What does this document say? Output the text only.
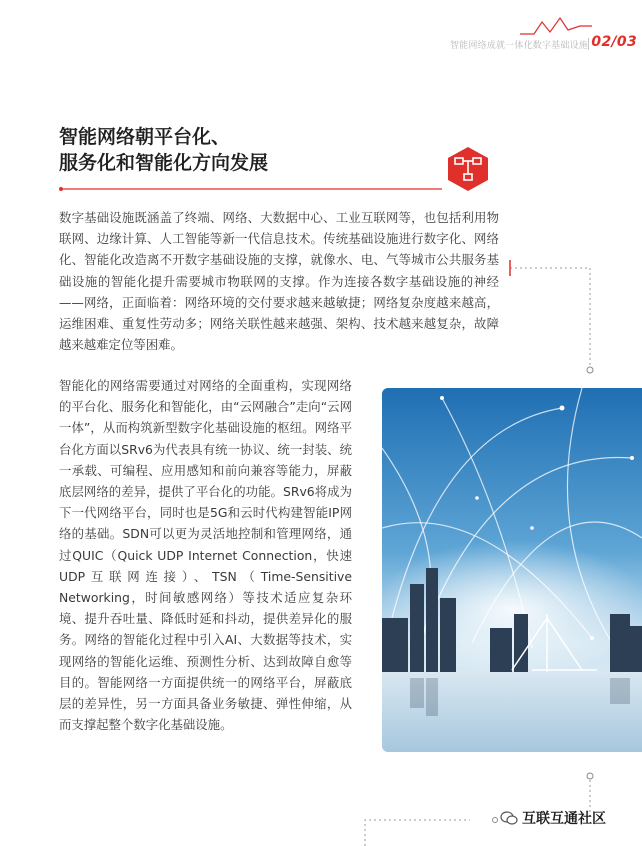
智能网络成就一体化数字基础设施 02/03
智能网络朝平台化、
服务化和智能化方向发展

数字基础设施既涵盖了终端、网络、大数据中心、工业互联网等，也包括利用物联网、边缘计算、人工智能等新一代信息技术。传统基础设施进行数字化、网络化、智能化改造离不开数字基础设施的支撑，就像水、电、气等城市公共服务基础设施的智能化提升需要城市物联网的支撑。作为连接各数字基础设施的神经——网络，正面临着：网络环境的交付要求越来越敏捷；网络复杂度越来越高，运维困难、重复性劳动多；网络关联性越来越强、架构、技术越来越复杂，故障越来越难定位等困难。

智能化的网络需要通过对网络的全面重构，实现网络的平台化、服务化和智能化，由“云网融合”走向“云网一体”，从而构筑新型数字化基础设施的枢纽。网络平台化方面以SRv6为代表具有统一协议、统一封装、统一承载、可编程、应用感知和前向兼容等能力，屏蔽底层网络的差异，提供了平台化的功能。SRv6将成为下一代网络平台，同时也是5G和云时代构建智能IP网络的基础。SDN可以更为灵活地控制和管理网络，通过QUIC（Quick UDP Internet Connection，快速UDP互联网连接）、TSN（Time-Sensitive Networking，时间敏感网络）等技术适应复杂环境、提升吞吐量、降低时延和抖动，提供差异化的服务。网络的智能化过程中引入AI、大数据等技术，实现网络的智能化运维、预测性分析、达到故障自愈等目的。智能网络一方面提供统一的网络平台，屏蔽底层的差异性，另一方面具备业务敏捷、弹性伸缩，从而支撑起整个数字化基础设施。

互联互通社区
